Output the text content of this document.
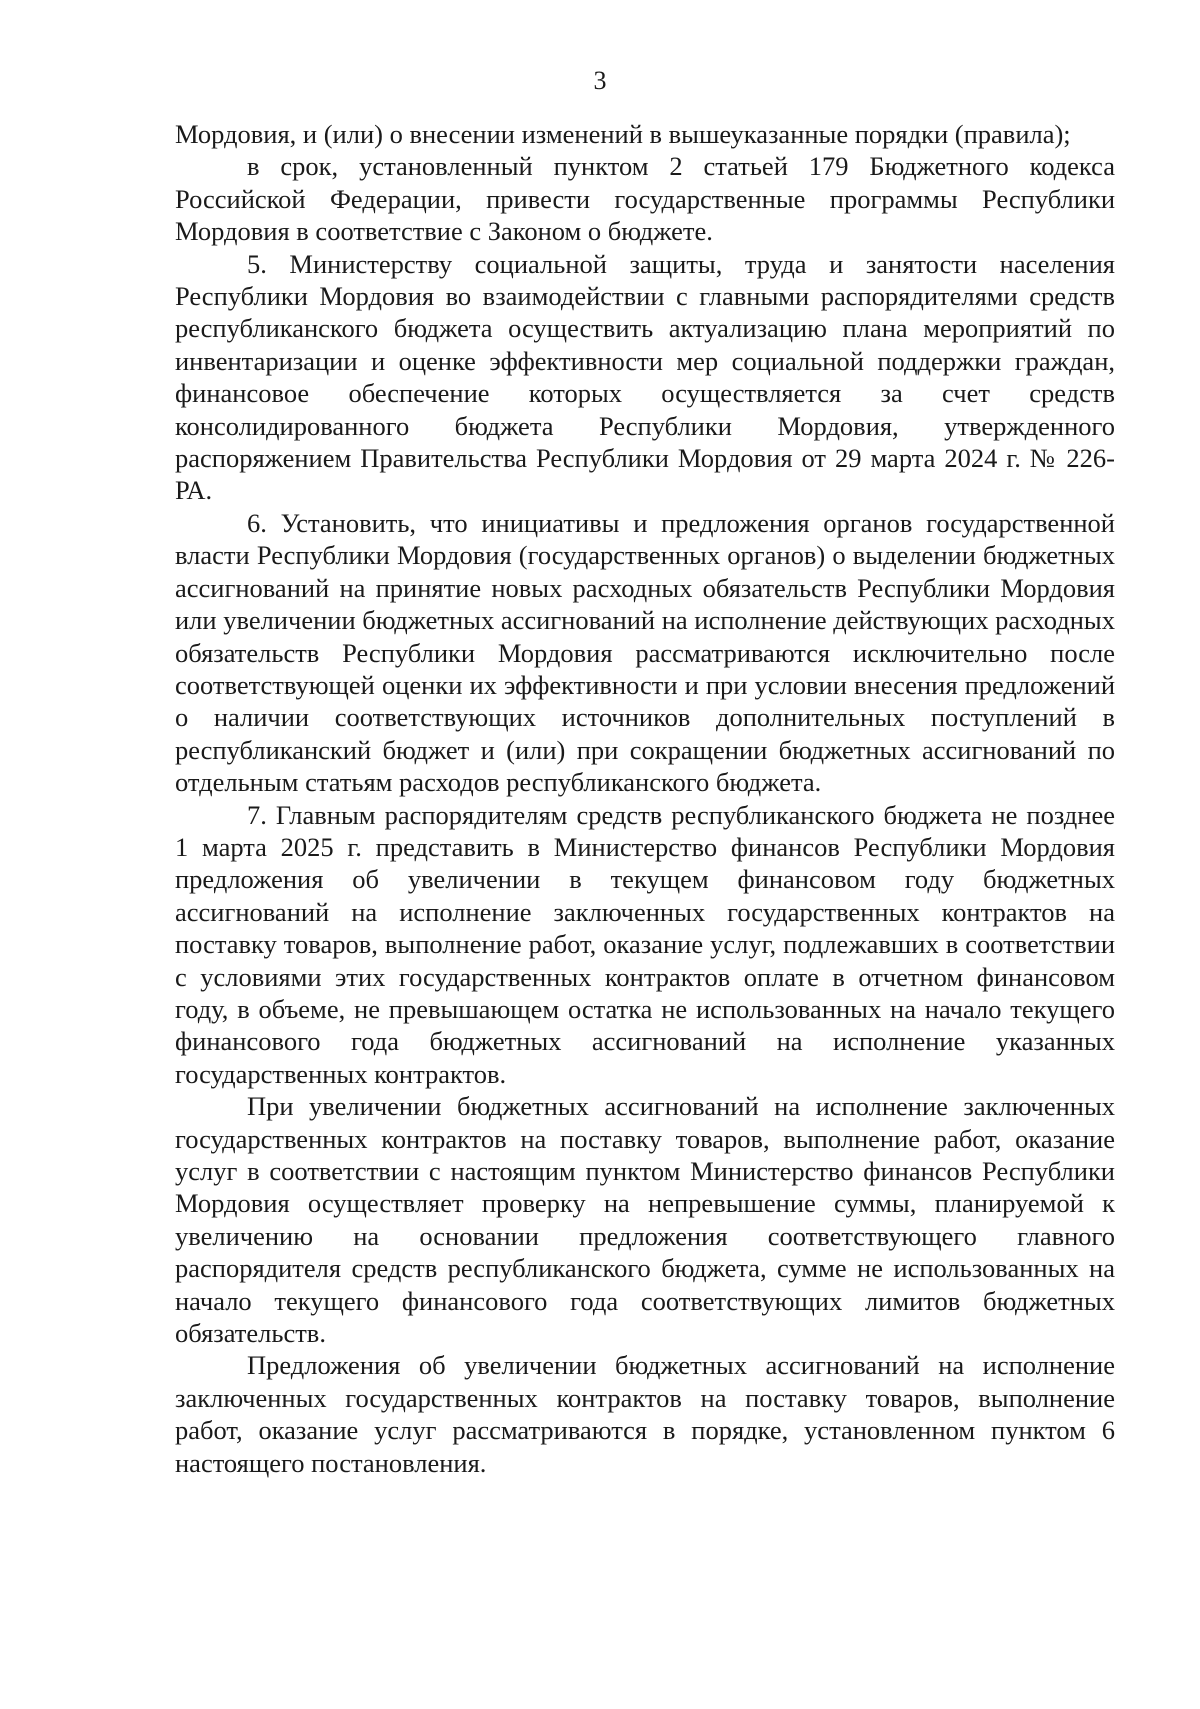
3

Мордовия, и (или) о внесении изменений в вышеуказанные порядки (правила);

в срок, установленный пунктом 2 статьей 179 Бюджетного кодекса Российской Федерации, привести государственные программы Республики Мордовия в соответствие с Законом о бюджете.

5. Министерству социальной защиты, труда и занятости населения Республики Мордовия во взаимодействии с главными распорядителями средств республиканского бюджета осуществить актуализацию плана мероприятий по инвентаризации и оценке эффективности мер социальной поддержки граждан, финансовое обеспечение которых осуществляется за счет средств консолидированного бюджета Республики Мордовия, утвержденного распоряжением Правительства Республики Мордовия от 29 марта 2024 г. № 226-РА.

6. Установить, что инициативы и предложения органов государственной власти Республики Мордовия (государственных органов) о выделении бюджетных ассигнований на принятие новых расходных обязательств Республики Мордовия или увеличении бюджетных ассигнований на исполнение действующих расходных обязательств Республики Мордовия рассматриваются исключительно после соответствующей оценки их эффективности и при условии внесения предложений о наличии соответствующих источников дополнительных поступлений в республиканский бюджет и (или) при сокращении бюджетных ассигнований по отдельным статьям расходов республиканского бюджета.

7. Главным распорядителям средств республиканского бюджета не позднее 1 марта 2025 г. представить в Министерство финансов Республики Мордовия предложения об увеличении в текущем финансовом году бюджетных ассигнований на исполнение заключенных государственных контрактов на поставку товаров, выполнение работ, оказание услуг, подлежавших в соответствии с условиями этих государственных контрактов оплате в отчетном финансовом году, в объеме, не превышающем остатка не использованных на начало текущего финансового года бюджетных ассигнований на исполнение указанных государственных контрактов.

При увеличении бюджетных ассигнований на исполнение заключенных государственных контрактов на поставку товаров, выполнение работ, оказание услуг в соответствии с настоящим пунктом Министерство финансов Республики Мордовия осуществляет проверку на непревышение суммы, планируемой к увеличению на основании предложения соответствующего главного распорядителя средств республиканского бюджета, сумме не использованных на начало текущего финансового года соответствующих лимитов бюджетных обязательств.

Предложения об увеличении бюджетных ассигнований на исполнение заключенных государственных контрактов на поставку товаров, выполнение работ, оказание услуг рассматриваются в порядке, установленном пунктом 6 настоящего постановления.
